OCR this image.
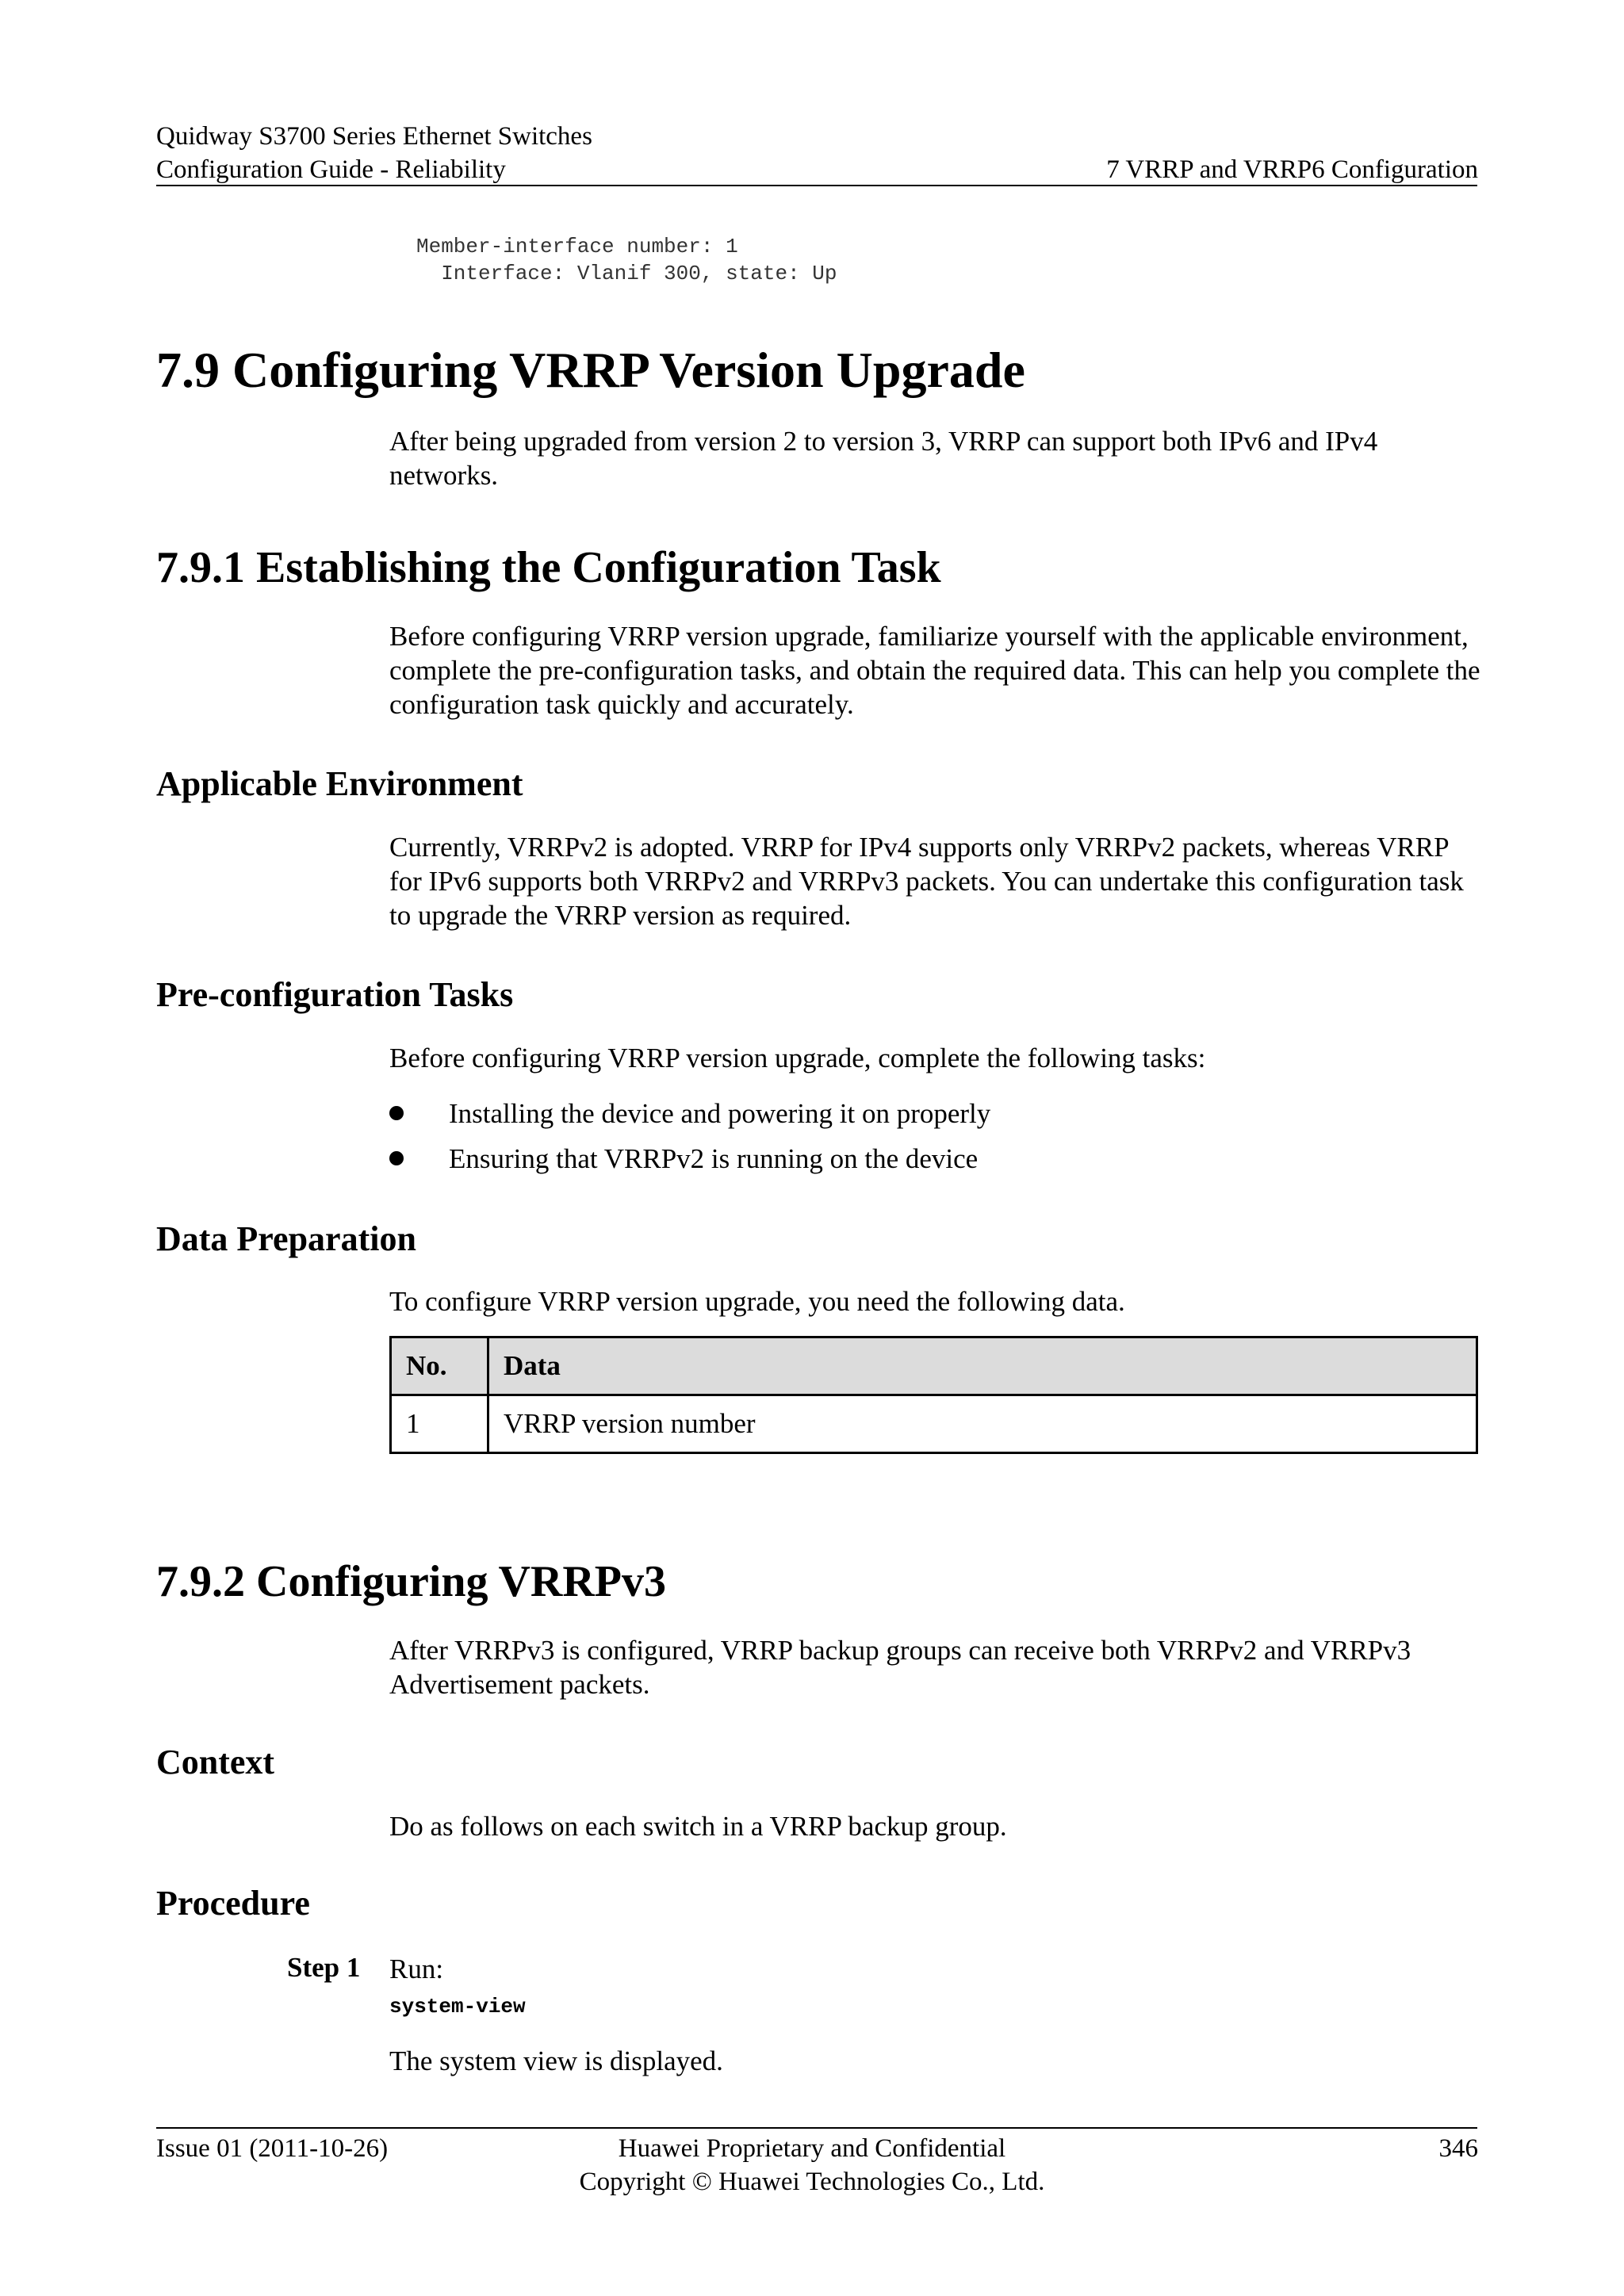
Quidway S3700 Series Ethernet Switches
Configuration Guide - Reliability	7 VRRP and VRRP6 Configuration
Member-interface number: 1
Interface: Vlanif 300, state: Up
7.9 Configuring VRRP Version Upgrade
After being upgraded from version 2 to version 3, VRRP can support both IPv6 and IPv4 networks.
7.9.1 Establishing the Configuration Task
Before configuring VRRP version upgrade, familiarize yourself with the applicable environment, complete the pre-configuration tasks, and obtain the required data. This can help you complete the configuration task quickly and accurately.
Applicable Environment
Currently, VRRPv2 is adopted. VRRP for IPv4 supports only VRRPv2 packets, whereas VRRP for IPv6 supports both VRRPv2 and VRRPv3 packets. You can undertake this configuration task to upgrade the VRRP version as required.
Pre-configuration Tasks
Before configuring VRRP version upgrade, complete the following tasks:
Installing the device and powering it on properly
Ensuring that VRRPv2 is running on the device
Data Preparation
To configure VRRP version upgrade, you need the following data.
No.	Data
1	VRRP version number
7.9.2 Configuring VRRPv3
After VRRPv3 is configured, VRRP backup groups can receive both VRRPv2 and VRRPv3 Advertisement packets.
Context
Do as follows on each switch in a VRRP backup group.
Procedure
Step 1 Run:
system-view
The system view is displayed.
Issue 01 (2011-10-26)	Huawei Proprietary and Confidential
Copyright © Huawei Technologies Co., Ltd.
346
